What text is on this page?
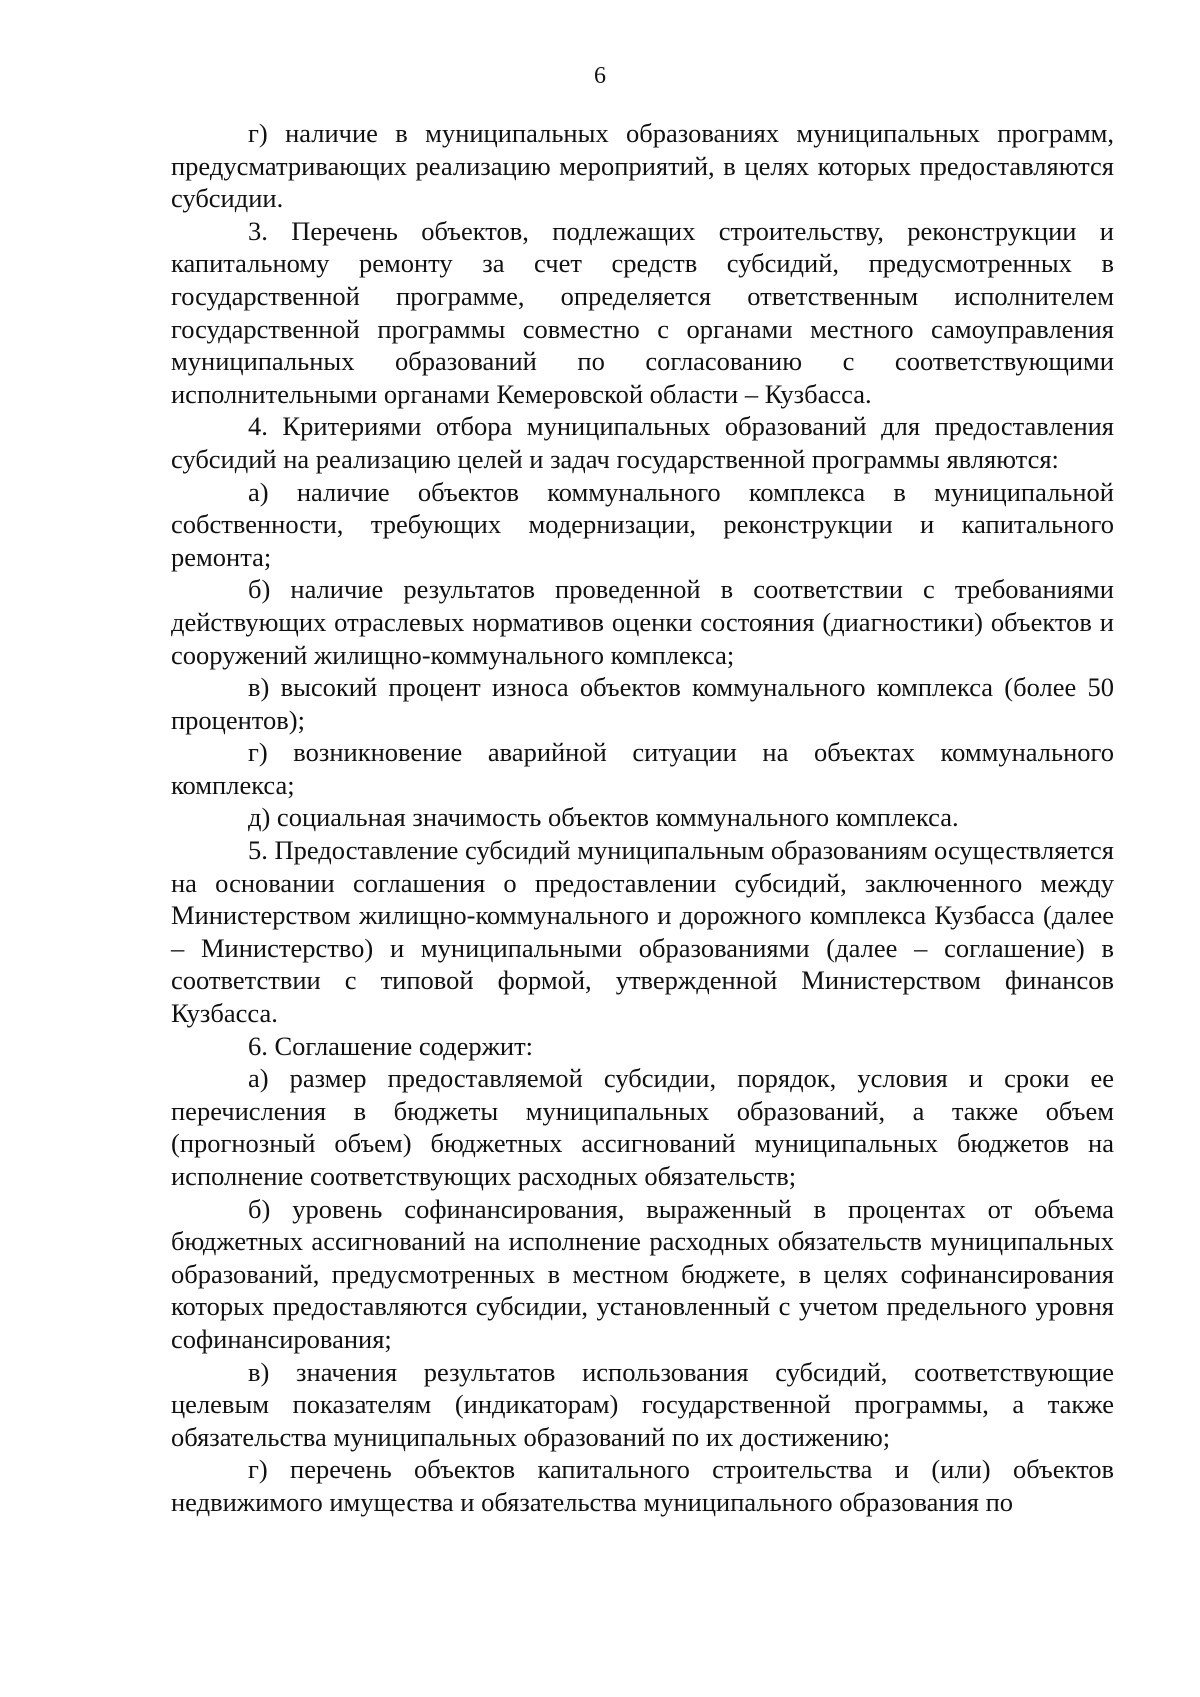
6

г) наличие в муниципальных образованиях муниципальных программ, предусматривающих реализацию мероприятий, в целях которых предоставляются субсидии.

3. Перечень объектов, подлежащих строительству, реконструкции и капитальному ремонту за счет средств субсидий, предусмотренных в государственной программе, определяется ответственным исполнителем государственной программы совместно с органами местного самоуправления муниципальных образований по согласованию с соответствующими исполнительными органами Кемеровской области – Кузбасса.

4. Критериями отбора муниципальных образований для предоставления субсидий на реализацию целей и задач государственной программы являются:

а) наличие объектов коммунального комплекса в муниципальной собственности, требующих модернизации, реконструкции и капитального ремонта;

б) наличие результатов проведенной в соответствии с требованиями действующих отраслевых нормативов оценки состояния (диагностики) объектов и сооружений жилищно-коммунального комплекса;

в) высокий процент износа объектов коммунального комплекса (более 50 процентов);

г) возникновение аварийной ситуации на объектах коммунального комплекса;

д) социальная значимость объектов коммунального комплекса.

5. Предоставление субсидий муниципальным образованиям осуществляется на основании соглашения о предоставлении субсидий, заключенного между Министерством жилищно-коммунального и дорожного комплекса Кузбасса (далее – Министерство) и муниципальными образованиями (далее – соглашение) в соответствии с типовой формой, утвержденной Министерством финансов Кузбасса.

6. Соглашение содержит:

а) размер предоставляемой субсидии, порядок, условия и сроки ее перечисления в бюджеты муниципальных образований, а также объем (прогнозный объем) бюджетных ассигнований муниципальных бюджетов на исполнение соответствующих расходных обязательств;

б) уровень софинансирования, выраженный в процентах от объема бюджетных ассигнований на исполнение расходных обязательств муниципальных образований, предусмотренных в местном бюджете, в целях софинансирования которых предоставляются субсидии, установленный с учетом предельного уровня софинансирования;

в) значения результатов использования субсидий, соответствующие целевым показателям (индикаторам) государственной программы, а также обязательства муниципальных образований по их достижению;

г) перечень объектов капитального строительства и (или) объектов недвижимого имущества и обязательства муниципального образования по
